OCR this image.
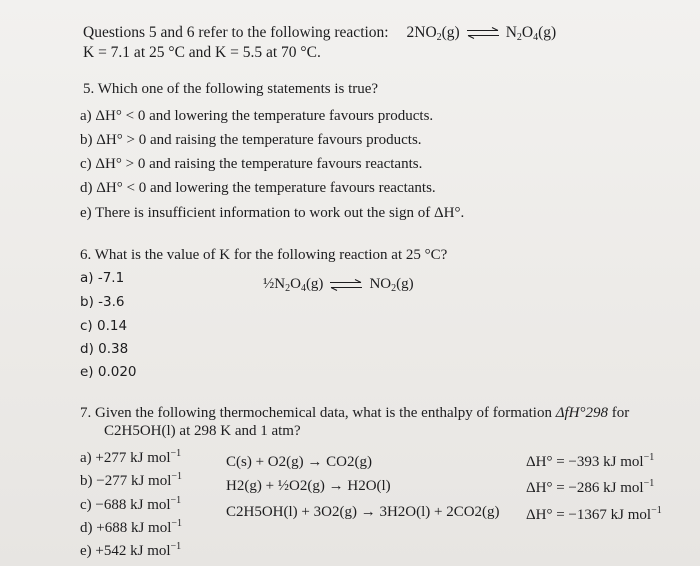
Questions 5 and 6 refer to the following reaction: $2NO_2(g)$ ⇌ $N_2O_4(g)$
K = 7.1 at 25 °C and K = 5.5 at 70 °C.
5. Which one of the following statements is true?
a) ΔH° < 0 and lowering the temperature favours products.
b) ΔH° > 0 and raising the temperature favours products.
c) ΔH° > 0 and raising the temperature favours reactants.
d) ΔH° < 0 and lowering the temperature favours reactants.
e) There is insufficient information to work out the sign of ΔH°.
6. What is the value of K for the following reaction at 25 °C?
$\frac{1}{2}N_2O_4(g)$ ⇌ $NO_2(g)$
a) -7.1
b) -3.6
c) 0.14
d) 0.38
e) 0.020
7. Given the following thermochemical data, what is the enthalpy of formation ΔfH°298 for
C2H5OH(l) at 298 K and 1 atm?
a) +277 kJ mol$^{-1}$
b) −277 kJ mol$^{-1}$
c) −688 kJ mol$^{-1}$
d) +688 kJ mol$^{-1}$
e) +542 kJ mol$^{-1}$
C(s) + O2(g) → CO2(g)
H2(g) + ½O2(g) → H2O(l)
C2H5OH(l) + 3O2(g) → 3H2O(l) + 2CO2(g)
ΔH° = −393 kJ mol$^{-1}$
ΔH° = −286 kJ mol$^{-1}$
ΔH° = −1367 kJ mol$^{-1}$
